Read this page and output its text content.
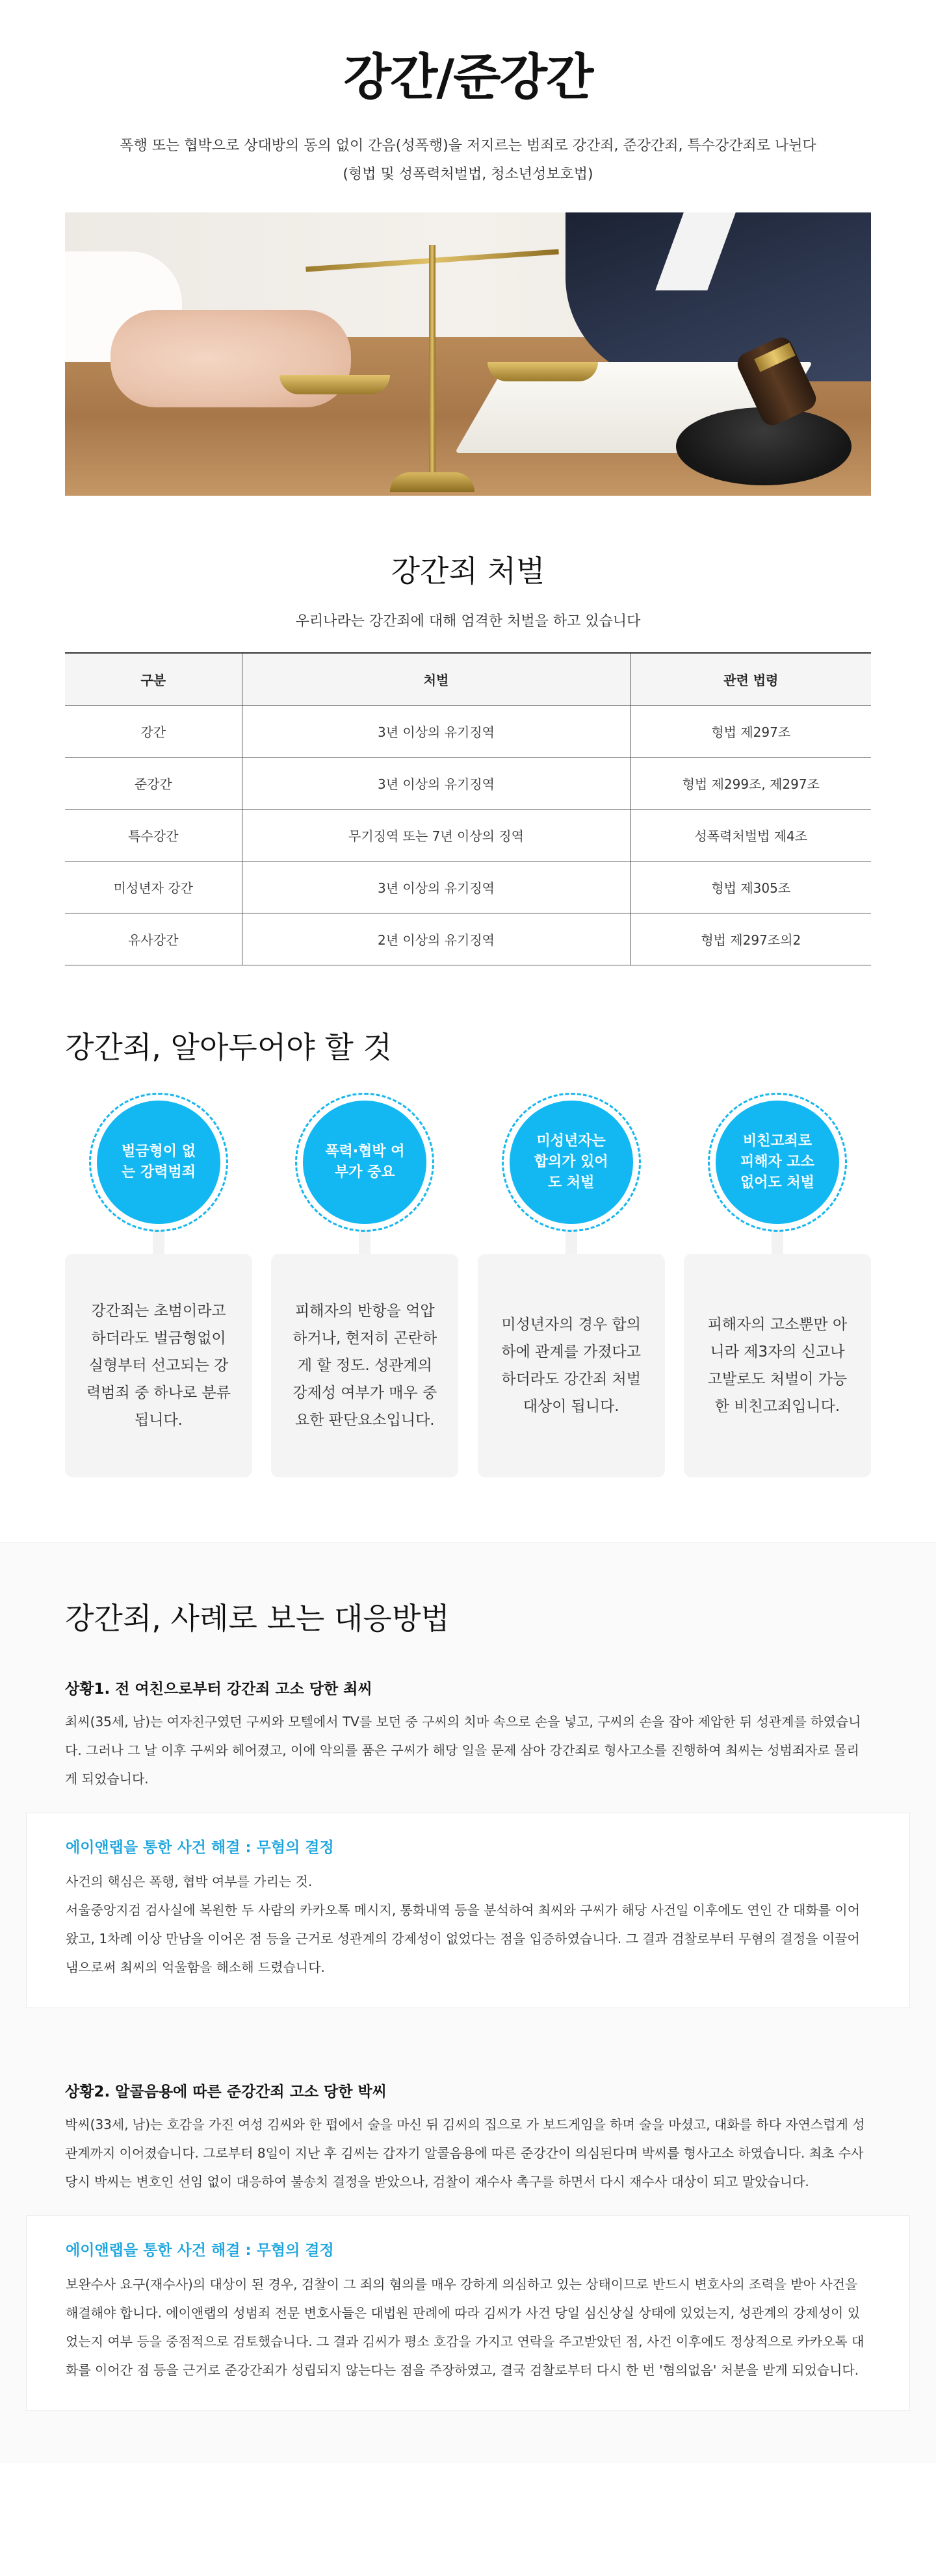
강간/준강간

폭행 또는 협박으로 상대방의 동의 없이 간음(성폭행)을 저지르는 범죄로 강간죄, 준강간죄, 특수강간죄로 나뉜다

(형법 및 성폭력처벌법, 청소년성보호법)

강간죄 처벌

우리나라는 강간죄에 대해 엄격한 처벌을 하고 있습니다

구분	처벌	관련 법령
강간	3년 이상의 유기징역	형법 제297조
준강간	3년 이상의 유기징역	형법 제299조, 제297조
특수강간	무기징역 또는 7년 이상의 징역	성폭력처벌법 제4조
미성년자 강간	3년 이상의 유기징역	형법 제305조
유사강간	2년 이상의 유기징역	형법 제297조의2
강간죄, 알아두어야 할 것
벌금형이 없는 강력범죄
강간죄는 초범이라고 하더라도 벌금형없이 실형부터 선고되는 강력범죄 중 하나로 분류됩니다.
폭력·협박 여부가 중요
피해자의 반항을 억압하거나, 현저히 곤란하게 할 정도. 성관계의 강제성 여부가 매우 중요한 판단요소입니다.
미성년자는 합의가 있어도 처벌
미성년자의 경우 합의하에 관계를 가졌다고 하더라도 강간죄 처벌 대상이 됩니다.
비친고죄로 피해자 고소 없어도 처벌
피해자의 고소뿐만 아니라 제3자의 신고나 고발로도 처벌이 가능한 비친고죄입니다.
강간죄, 사례로 보는 대응방법
상황1. 전 여친으로부터 강간죄 고소 당한 최씨

최씨(35세, 남)는 여자친구였던 구씨와 모텔에서 TV를 보던 중 구씨의 치마 속으로 손을 넣고, 구씨의 손을 잡아 제압한 뒤 성관계를 하였습니다. 그러나 그 날 이후 구씨와 헤어졌고, 이에 악의를 품은 구씨가 해당 일을 문제 삼아 강간죄로 형사고소를 진행하여 최씨는 성범죄자로 몰리게 되었습니다.

에이앤랩을 통한 사건 해결 : 무혐의 결정

사건의 핵심은 폭행, 협박 여부를 가리는 것.
서울중앙지검 검사실에 복원한 두 사람의 카카오톡 메시지, 통화내역 등을 분석하여 최씨와 구씨가 해당 사건일 이후에도 연인 간 대화를 이어왔고, 1차례 이상 만남을 이어온 점 등을 근거로 성관계의 강제성이 없었다는 점을 입증하였습니다. 그 결과 검찰로부터 무혐의 결정을 이끌어 냄으로써 최씨의 억울함을 해소해 드렸습니다.

상황2. 알콜음용에 따른 준강간죄 고소 당한 박씨

박씨(33세, 남)는 호감을 가진 여성 김씨와 한 펍에서 술을 마신 뒤 김씨의 집으로 가 보드게임을 하며 술을 마셨고, 대화를 하다 자연스럽게 성관계까지 이어졌습니다. 그로부터 8일이 지난 후 김씨는 갑자기 알콜음용에 따른 준강간이 의심된다며 박씨를 형사고소 하였습니다. 최초 수사 당시 박씨는 변호인 선임 없이 대응하여 불송치 결정을 받았으나, 검찰이 재수사 촉구를 하면서 다시 재수사 대상이 되고 말았습니다.

에이앤랩을 통한 사건 해결 : 무혐의 결정

보완수사 요구(재수사)의 대상이 된 경우, 검찰이 그 죄의 혐의를 매우 강하게 의심하고 있는 상태이므로 반드시 변호사의 조력을 받아 사건을 해결해야 합니다. 에이앤랩의 성범죄 전문 변호사들은 대법원 판례에 따라 김씨가 사건 당일 심신상실 상태에 있었는지, 성관계의 강제성이 있었는지 여부 등을 중점적으로 검토했습니다. 그 결과 김씨가 평소 호감을 가지고 연락을 주고받았던 점, 사건 이후에도 정상적으로 카카오톡 대화를 이어간 점 등을 근거로 준강간죄가 성립되지 않는다는 점을 주장하였고, 결국 검찰로부터 다시 한 번 '혐의없음' 처분을 받게 되었습니다.
